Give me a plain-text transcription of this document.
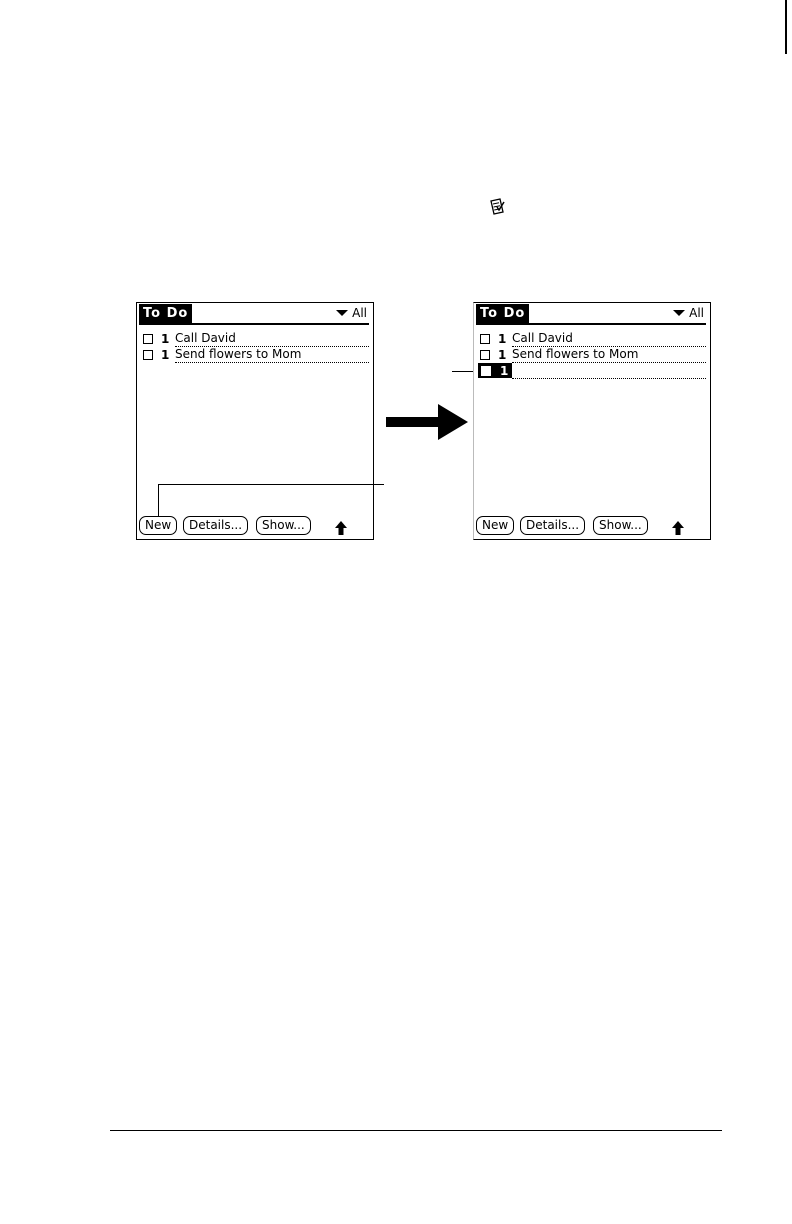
To Do	All
1 Call David
1 Send flowers to Mom
New	Details...	Show...
To Do	All
1 Call David
1 Send flowers to Mom
1
New	Details...	Show...
